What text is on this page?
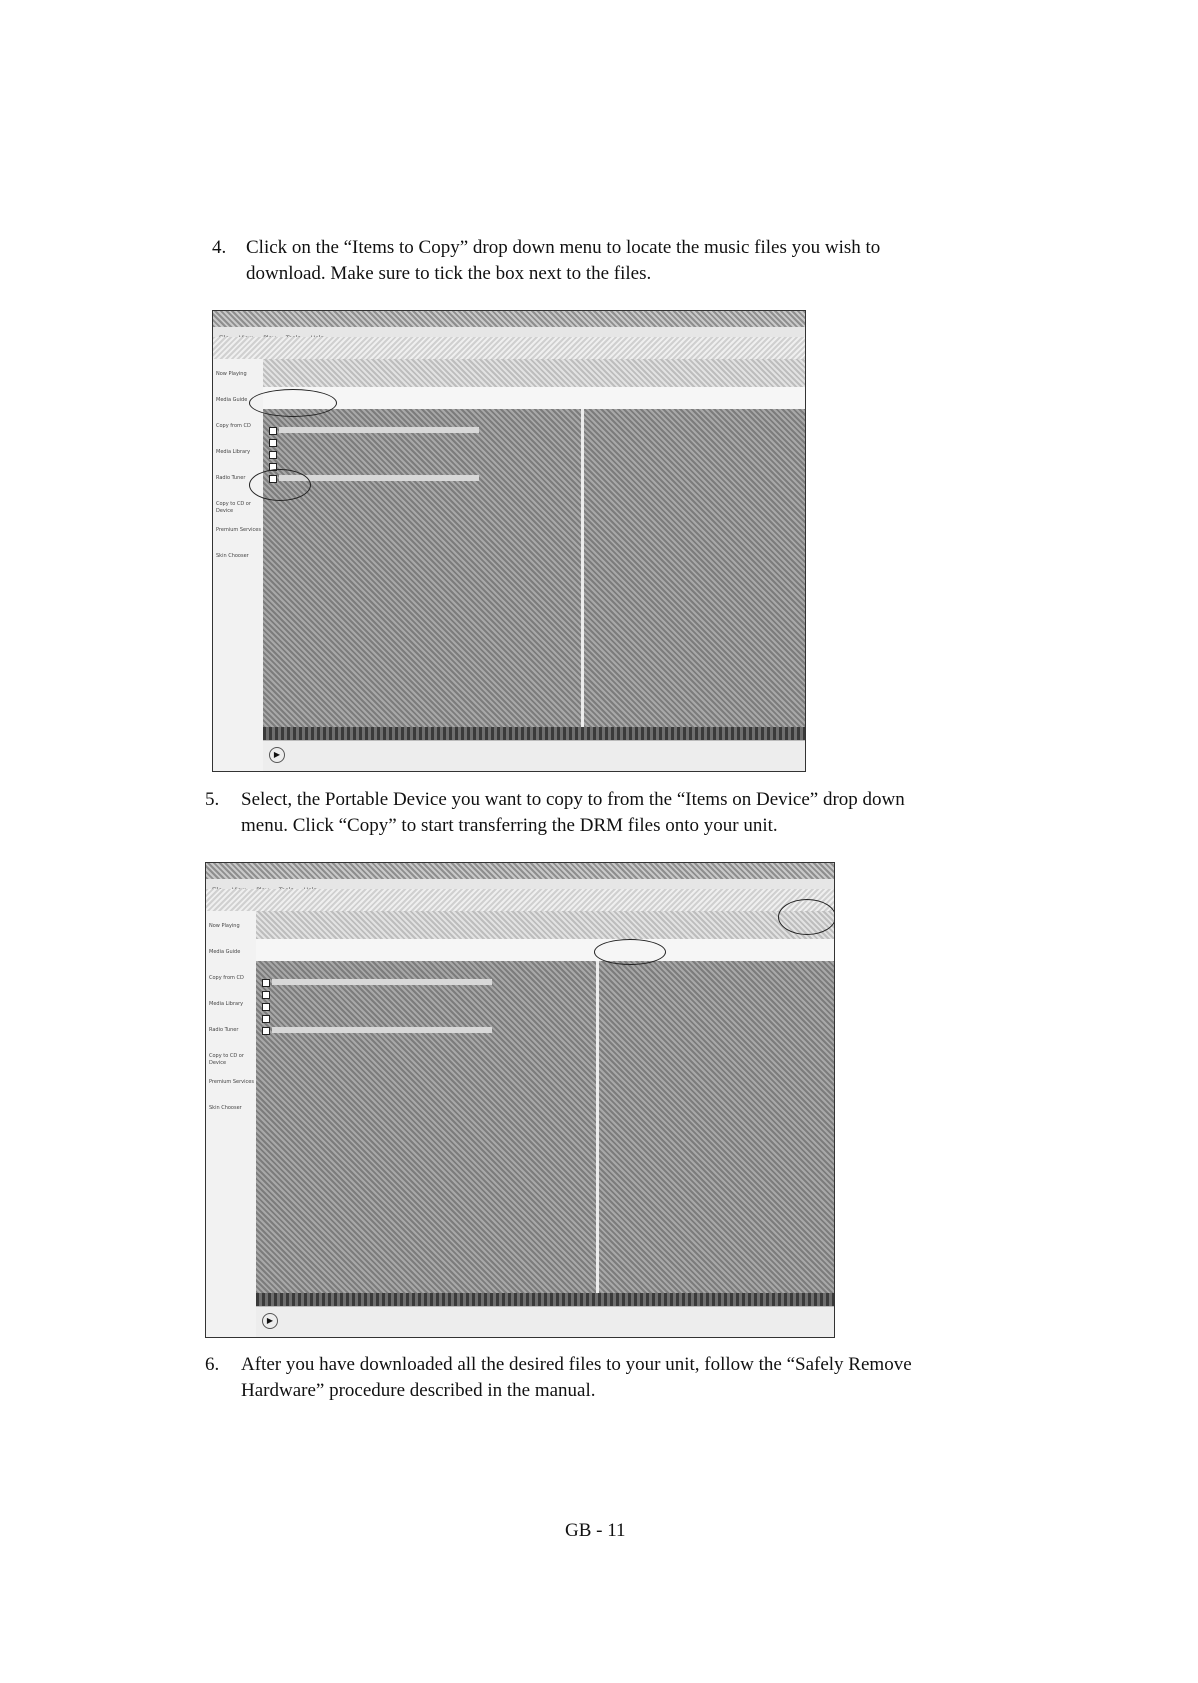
4. Click on the “Items to Copy” drop down menu to locate the music files you wish to
download. Make sure to tick the box next to the files.
Now Playing
Media Guide
Copy from CD
Media Library
Radio Tuner
Copy to CD or Device
Premium Services
Skin Chooser
▶
5. Select, the Portable Device you want to copy to from the “Items on Device” drop down
menu. Click “Copy” to start transferring the DRM files onto your unit.
Now Playing
Media Guide
Copy from CD
Media Library
Radio Tuner
Copy to CD or Device
Premium Services
Skin Chooser
▶
6. After you have downloaded all the desired files to your unit, follow the “Safely Remove
Hardware” procedure described in the manual.
GB - 11
